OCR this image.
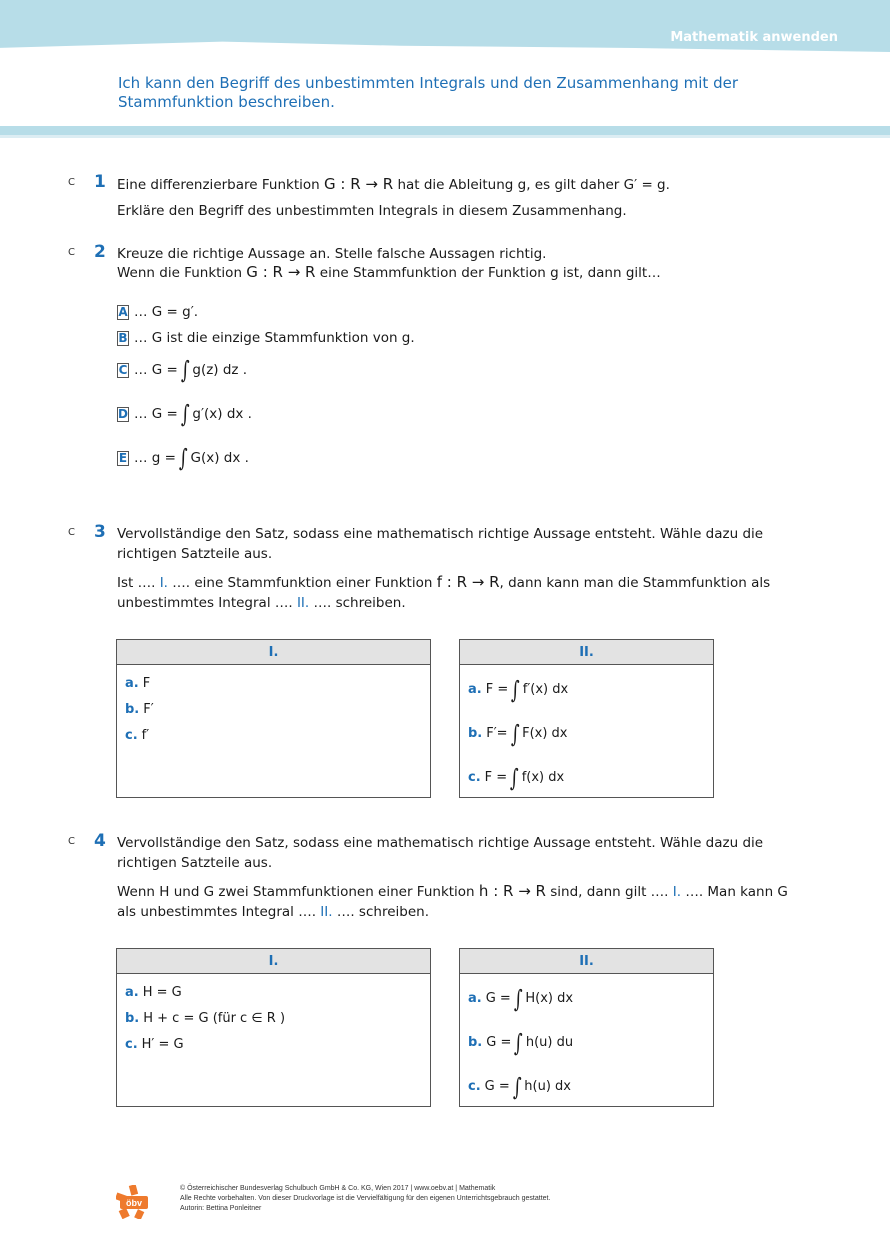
Mathematik anwenden
Ich kann den Begriff des unbestimmten Integrals und den Zusammenhang mit der Stammfunktion beschreiben.
C 1 Eine differenzierbare Funktion G : R → R hat die Ableitung g, es gilt daher G′ = g.
Erkläre den Begriff des unbestimmten Integrals in diesem Zusammenhang.
C 2 Kreuze die richtige Aussage an. Stelle falsche Aussagen richtig.
Wenn die Funktion G : R → R eine Stammfunktion der Funktion g ist, dann gilt…
A … G = g′.
B … G ist die einzige Stammfunktion von g.
C … G = ∫ g(z) dz .
D … G = ∫ g′(x) dx .
E … g = ∫ G(x) dx .
C 3 Vervollständige den Satz, sodass eine mathematisch richtige Aussage entsteht. Wähle dazu die richtigen Satzteile aus.
Ist …. I. …. eine Stammfunktion einer Funktion f : R → R, dann kann man die Stammfunktion als unbestimmtes Integral …. II. …. schreiben.
I.
a. F
b. F′
c. f′
II.
a. F = ∫ f′(x) dx
b. F′= ∫ F(x) dx
c. F = ∫ f(x) dx
C 4 Vervollständige den Satz, sodass eine mathematisch richtige Aussage entsteht. Wähle dazu die richtigen Satzteile aus.
Wenn H und G zwei Stammfunktionen einer Funktion h : R → R sind, dann gilt …. I. …. Man kann G als unbestimmtes Integral …. II. …. schreiben.
I.
a. H = G
b. H + c = G (für c ∈ R )
c. H′ = G
II.
a. G = ∫ H(x) dx
b. G = ∫ h(u) du
c. G = ∫ h(u) dx
öbv
© Österreichischer Bundesverlag Schulbuch GmbH & Co. KG, Wien 2017 | www.oebv.at | Mathematik
Alle Rechte vorbehalten. Von dieser Druckvorlage ist die Vervielfältigung für den eigenen Unterrichtsgebrauch gestattet.
Autorin: Bettina Ponleitner
